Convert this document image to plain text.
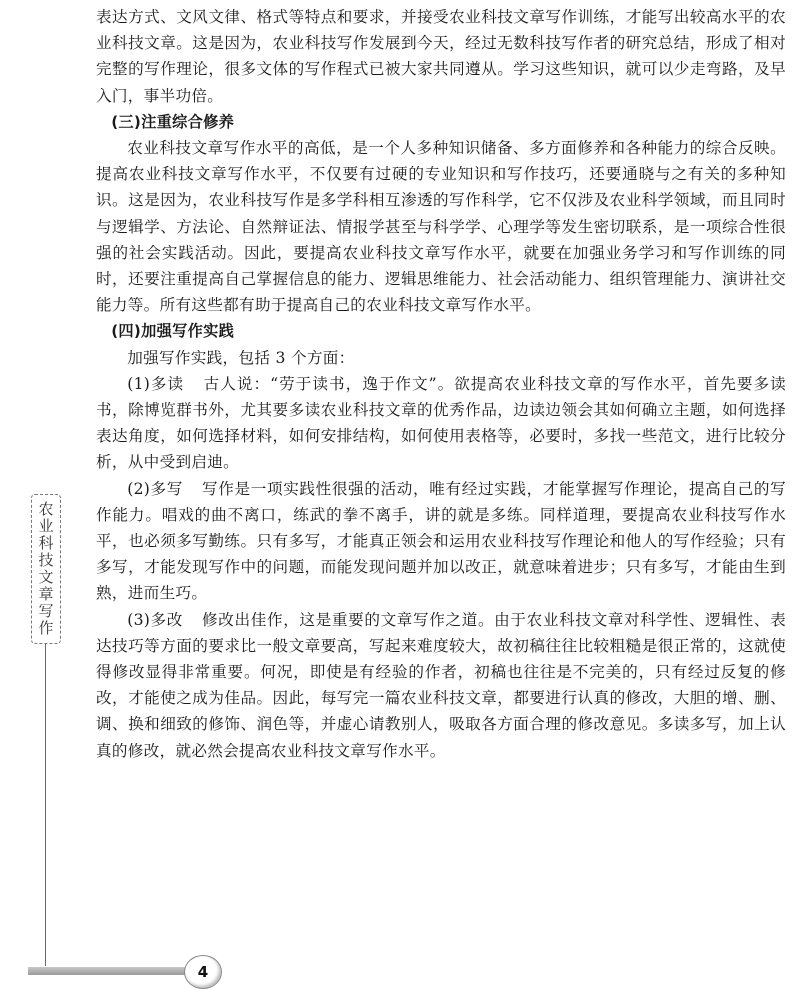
表达方式、文风文律、格式等特点和要求，并接受农业科技文章写作训练，才能写出较高水平的农业科技文章。这是因为，农业科技写作发展到今天，经过无数科技写作者的研究总结，形成了相对完整的写作理论，很多文体的写作程式已被大家共同遵从。学习这些知识，就可以少走弯路，及早入门，事半功倍。

(三)注重综合修养

农业科技文章写作水平的高低，是一个人多种知识储备、多方面修养和各种能力的综合反映。提高农业科技文章写作水平，不仅要有过硬的专业知识和写作技巧，还要通晓与之有关的多种知识。这是因为，农业科技写作是多学科相互渗透的写作科学，它不仅涉及农业科学领域，而且同时与逻辑学、方法论、自然辩证法、情报学甚至与科学学、心理学等发生密切联系，是一项综合性很强的社会实践活动。因此，要提高农业科技文章写作水平，就要在加强业务学习和写作训练的同时，还要注重提高自己掌握信息的能力、逻辑思维能力、社会活动能力、组织管理能力、演讲社交能力等。所有这些都有助于提高自己的农业科技文章写作水平。

(四)加强写作实践

加强写作实践，包括 3 个方面：

(1)多读 古人说：“劳于读书，逸于作文”。欲提高农业科技文章的写作水平，首先要多读书，除博览群书外，尤其要多读农业科技文章的优秀作品，边读边领会其如何确立主题，如何选择表达角度，如何选择材料，如何安排结构，如何使用表格等，必要时，多找一些范文，进行比较分析，从中受到启迪。

(2)多写 写作是一项实践性很强的活动，唯有经过实践，才能掌握写作理论，提高自己的写作能力。唱戏的曲不离口，练武的拳不离手，讲的就是多练。同样道理，要提高农业科技写作水平，也必须多写勤练。只有多写，才能真正领会和运用农业科技写作理论和他人的写作经验；只有多写，才能发现写作中的问题，而能发现问题并加以改正，就意味着进步；只有多写，才能由生到熟，进而生巧。

(3)多改 修改出佳作，这是重要的文章写作之道。由于农业科技文章对科学性、逻辑性、表达技巧等方面的要求比一般文章要高，写起来难度较大，故初稿往往比较粗糙是很正常的，这就使得修改显得非常重要。何况，即使是有经验的作者，初稿也往往是不完美的，只有经过反复的修改，才能使之成为佳品。因此，每写完一篇农业科技文章，都要进行认真的修改，大胆的增、删、调、换和细致的修饰、润色等，并虚心请教别人，吸取各方面合理的修改意见。多读多写，加上认真的修改，就必然会提高农业科技文章写作水平。

农业科技文章写作
4
